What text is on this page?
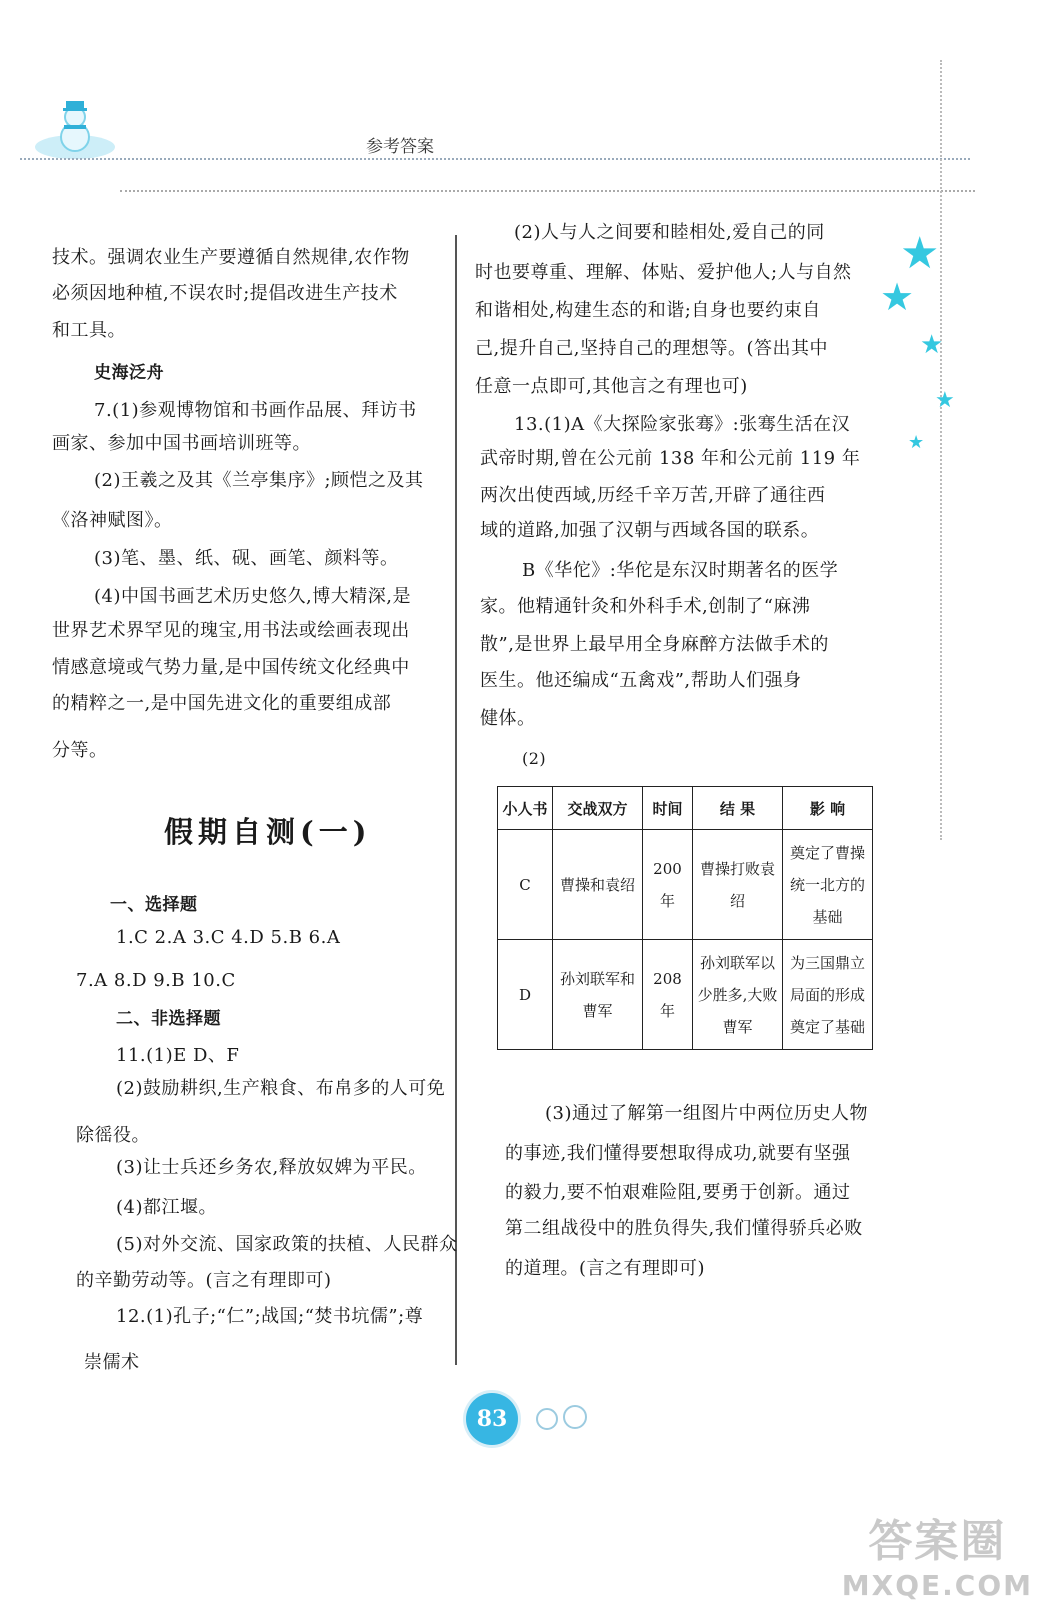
参考答案
★
★
★
★
★
技术。强调农业生产要遵循自然规律,农作物
必须因地种植,不误农时;提倡改进生产技术
和工具。
史海泛舟
7.(1)参观博物馆和书画作品展、拜访书
画家、参加中国书画培训班等。
(2)王羲之及其《兰亭集序》;顾恺之及其
《洛神赋图》。
(3)笔、墨、纸、砚、画笔、颜料等。
(4)中国书画艺术历史悠久,博大精深,是
世界艺术界罕见的瑰宝,用书法或绘画表现出
情感意境或气势力量,是中国传统文化经典中
的精粹之一,是中国先进文化的重要组成部
分等。
假期自测(一)
一、选择题
1.C 2.A 3.C 4.D 5.B 6.A
7.A 8.D 9.B 10.C
二、非选择题
11.(1)E D、F
(2)鼓励耕织,生产粮食、布帛多的人可免
除徭役。
(3)让士兵还乡务农,释放奴婢为平民。
(4)都江堰。
(5)对外交流、国家政策的扶植、人民群众
的辛勤劳动等。(言之有理即可)
12.(1)孔子;“仁”;战国;“焚书坑儒”;尊
崇儒术
(2)人与人之间要和睦相处,爱自己的同
时也要尊重、理解、体贴、爱护他人;人与自然
和谐相处,构建生态的和谐;自身也要约束自
己,提升自己,坚持自己的理想等。(答出其中
任意一点即可,其他言之有理也可)
13.(1)A《大探险家张骞》:张骞生活在汉
武帝时期,曾在公元前 138 年和公元前 119 年
两次出使西域,历经千辛万苦,开辟了通往西
域的道路,加强了汉朝与西域各国的联系。
B《华佗》:华佗是东汉时期著名的医学
家。他精通针灸和外科手术,创制了“麻沸
散”,是世界上最早用全身麻醉方法做手术的
医生。他还编成“五禽戏”,帮助人们强身
健体。
(2)
小人书	交战双方	时间	结 果	影 响
C	曹操和袁绍	200 年	曹操打败袁绍	奠定了曹操统一北方的基础
D	孙刘联军和曹军	208 年	孙刘联军以少胜多,大败曹军	为三国鼎立局面的形成奠定了基础
(3)通过了解第一组图片中两位历史人物
的事迹,我们懂得要想取得成功,就要有坚强
的毅力,要不怕艰难险阻,要勇于创新。通过
第二组战役中的胜负得失,我们懂得骄兵必败
的道理。(言之有理即可)
83
答案圈
MXQE.COM
